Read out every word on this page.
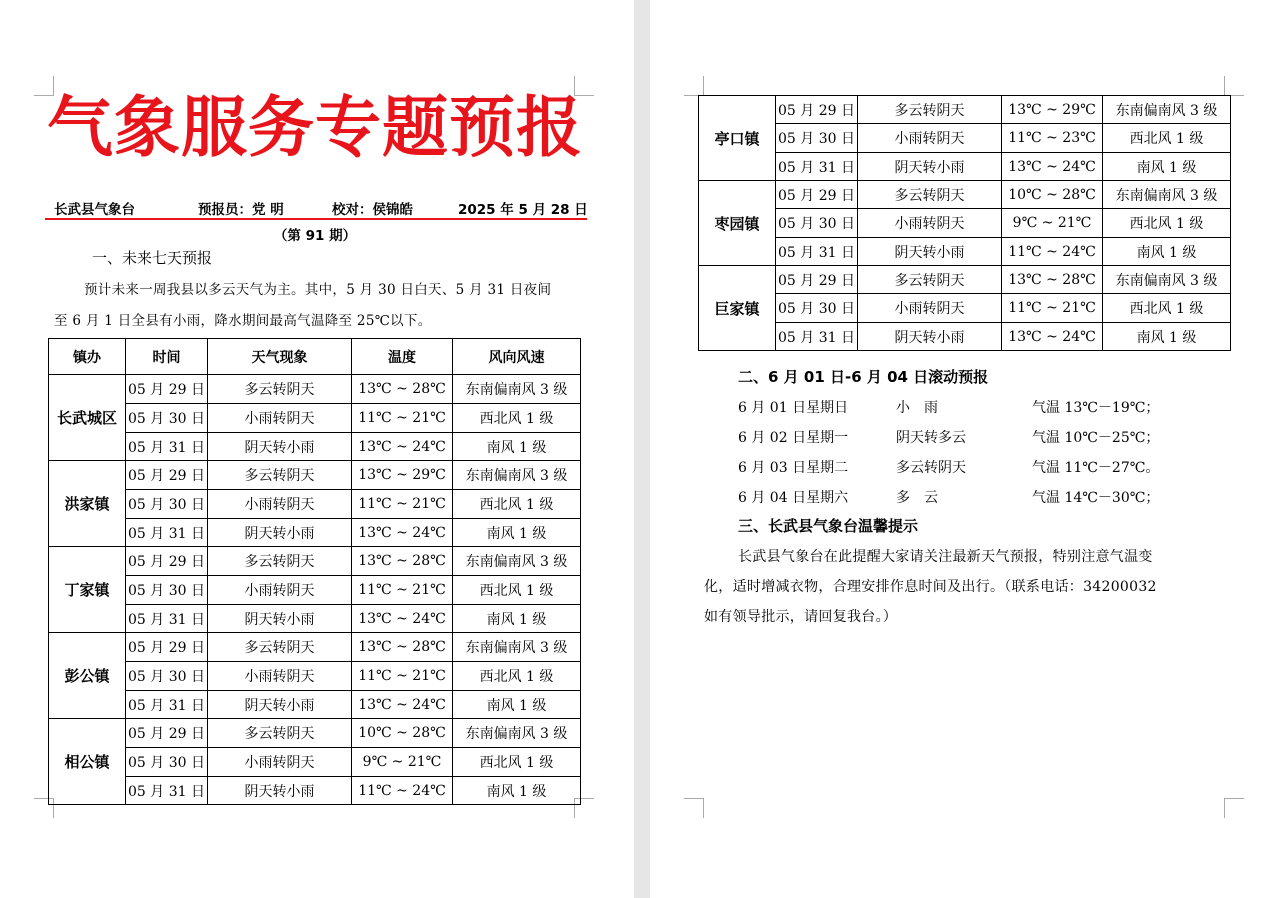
气象服务专题预报
长武县气象台	预报员：党 明	校对：侯锦皓	2025 年 5 月 28 日
（第 91 期）
一、未来七天预报
预计未来一周我县以多云天气为主。其中，5 月 30 日白天、5 月 31 日夜间
至 6 月 1 日全县有小雨，降水期间最高气温降至 25℃以下。
镇办	时间	天气现象	温度	风向风速
长武城区	05 月 29 日	多云转阴天	13℃ ~ 28℃	东南偏南风 3 级
	05 月 30 日	小雨转阴天	11℃ ~ 21℃	西北风 1 级
	05 月 31 日	阴天转小雨	13℃ ~ 24℃	南风 1 级
洪家镇	05 月 29 日	多云转阴天	13℃ ~ 29℃	东南偏南风 3 级
	05 月 30 日	小雨转阴天	11℃ ~ 21℃	西北风 1 级
	05 月 31 日	阴天转小雨	13℃ ~ 24℃	南风 1 级
丁家镇	05 月 29 日	多云转阴天	13℃ ~ 28℃	东南偏南风 3 级
	05 月 30 日	小雨转阴天	11℃ ~ 21℃	西北风 1 级
	05 月 31 日	阴天转小雨	13℃ ~ 24℃	南风 1 级
彭公镇	05 月 29 日	多云转阴天	13℃ ~ 28℃	东南偏南风 3 级
	05 月 30 日	小雨转阴天	11℃ ~ 21℃	西北风 1 级
	05 月 31 日	阴天转小雨	13℃ ~ 24℃	南风 1 级
相公镇	05 月 29 日	多云转阴天	10℃ ~ 28℃	东南偏南风 3 级
	05 月 30 日	小雨转阴天	9℃ ~ 21℃	西北风 1 级
	05 月 31 日	阴天转小雨	11℃ ~ 24℃	南风 1 级
亭口镇	05 月 29 日	多云转阴天	13℃ ~ 29℃	东南偏南风 3 级
	05 月 30 日	小雨转阴天	11℃ ~ 23℃	西北风 1 级
	05 月 31 日	阴天转小雨	13℃ ~ 24℃	南风 1 级
枣园镇	05 月 29 日	多云转阴天	10℃ ~ 28℃	东南偏南风 3 级
	05 月 30 日	小雨转阴天	9℃ ~ 21℃	西北风 1 级
	05 月 31 日	阴天转小雨	11℃ ~ 24℃	南风 1 级
巨家镇	05 月 29 日	多云转阴天	13℃ ~ 28℃	东南偏南风 3 级
	05 月 30 日	小雨转阴天	11℃ ~ 21℃	西北风 1 级
	05 月 31 日	阴天转小雨	13℃ ~ 24℃	南风 1 级
二、6 月 01 日-6 月 04 日滚动预报
6 月 01 日星期日	小　雨	气温 13℃－19℃；
6 月 02 日星期一	阴天转多云	气温 10℃－25℃；
6 月 03 日星期二	多云转阴天	气温 11℃－27℃。
6 月 04 日星期六	多　云	气温 14℃－30℃；
三、长武县气象台温馨提示
长武县气象台在此提醒大家请关注最新天气预报，特别注意气温变
化，适时增减衣物，合理安排作息时间及出行。（联系电话：34200032
如有领导批示，请回复我台。）
